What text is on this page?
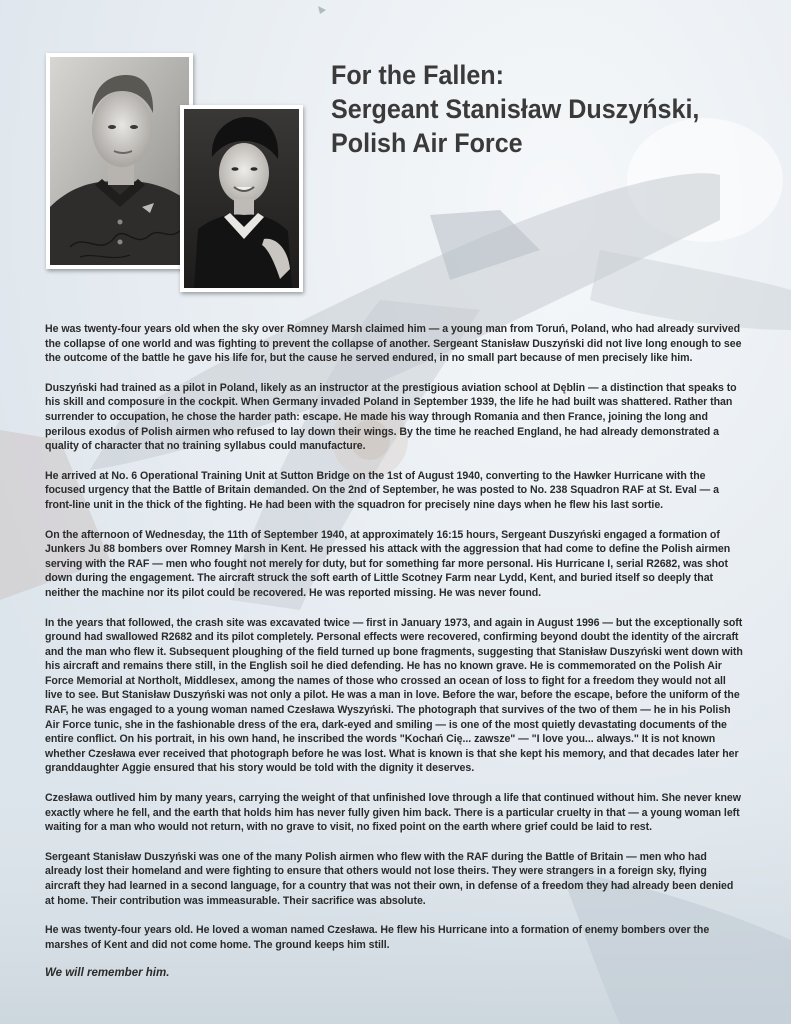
For the Fallen:
Sergeant Stanisław Duszyński,
Polish Air Force

He was twenty-four years old when the sky over Romney Marsh claimed him — a young man from Toruń, Poland, who had already survived the collapse of one world and was fighting to prevent the collapse of another. Sergeant Stanisław Duszyński did not live long enough to see the outcome of the battle he gave his life for, but the cause he served endured, in no small part because of men precisely like him.

Duszyński had trained as a pilot in Poland, likely as an instructor at the prestigious aviation school at Dęblin — a distinction that speaks to his skill and composure in the cockpit. When Germany invaded Poland in September 1939, the life he had built was shattered. Rather than surrender to occupation, he chose the harder path: escape. He made his way through Romania and then France, joining the long and perilous exodus of Polish airmen who refused to lay down their wings. By the time he reached England, he had already demonstrated a quality of character that no training syllabus could manufacture.

He arrived at No. 6 Operational Training Unit at Sutton Bridge on the 1st of August 1940, converting to the Hawker Hurricane with the focused urgency that the Battle of Britain demanded. On the 2nd of September, he was posted to No. 238 Squadron RAF at St. Eval — a front-line unit in the thick of the fighting. He had been with the squadron for precisely nine days when he flew his last sortie.

On the afternoon of Wednesday, the 11th of September 1940, at approximately 16:15 hours, Sergeant Duszyński engaged a formation of Junkers Ju 88 bombers over Romney Marsh in Kent. He pressed his attack with the aggression that had come to define the Polish airmen serving with the RAF — men who fought not merely for duty, but for something far more personal. His Hurricane I, serial R2682, was shot down during the engagement. The aircraft struck the soft earth of Little Scotney Farm near Lydd, Kent, and buried itself so deeply that neither the machine nor its pilot could be recovered. He was reported missing. He was never found.

In the years that followed, the crash site was excavated twice — first in January 1973, and again in August 1996 — but the exceptionally soft ground had swallowed R2682 and its pilot completely. Personal effects were recovered, confirming beyond doubt the identity of the aircraft and the man who flew it. Subsequent ploughing of the field turned up bone fragments, suggesting that Stanisław Duszyński went down with his aircraft and remains there still, in the English soil he died defending. He has no known grave. He is commemorated on the Polish Air Force Memorial at Northolt, Middlesex, among the names of those who crossed an ocean of loss to fight for a freedom they would not all live to see. But Stanisław Duszyński was not only a pilot. He was a man in love. Before the war, before the escape, before the uniform of the RAF, he was engaged to a young woman named Czesława Wyszyński. The photograph that survives of the two of them — he in his Polish Air Force tunic, she in the fashionable dress of the era, dark-eyed and smiling — is one of the most quietly devastating documents of the entire conflict. On his portrait, in his own hand, he inscribed the words "Kochań Cię... zawsze" — "I love you... always." It is not known whether Czesława ever received that photograph before he was lost. What is known is that she kept his memory, and that decades later her granddaughter Aggie ensured that his story would be told with the dignity it deserves.

Czesława outlived him by many years, carrying the weight of that unfinished love through a life that continued without him. She never knew exactly where he fell, and the earth that holds him has never fully given him back. There is a particular cruelty in that — a young woman left waiting for a man who would not return, with no grave to visit, no fixed point on the earth where grief could be laid to rest.

Sergeant Stanisław Duszyński was one of the many Polish airmen who flew with the RAF during the Battle of Britain — men who had already lost their homeland and were fighting to ensure that others would not lose theirs. They were strangers in a foreign sky, flying aircraft they had learned in a second language, for a country that was not their own, in defense of a freedom they had already been denied at home. Their contribution was immeasurable. Their sacrifice was absolute.

He was twenty-four years old. He loved a woman named Czesława. He flew his Hurricane into a formation of enemy bombers over the marshes of Kent and did not come home. The ground keeps him still.

We will remember him.
